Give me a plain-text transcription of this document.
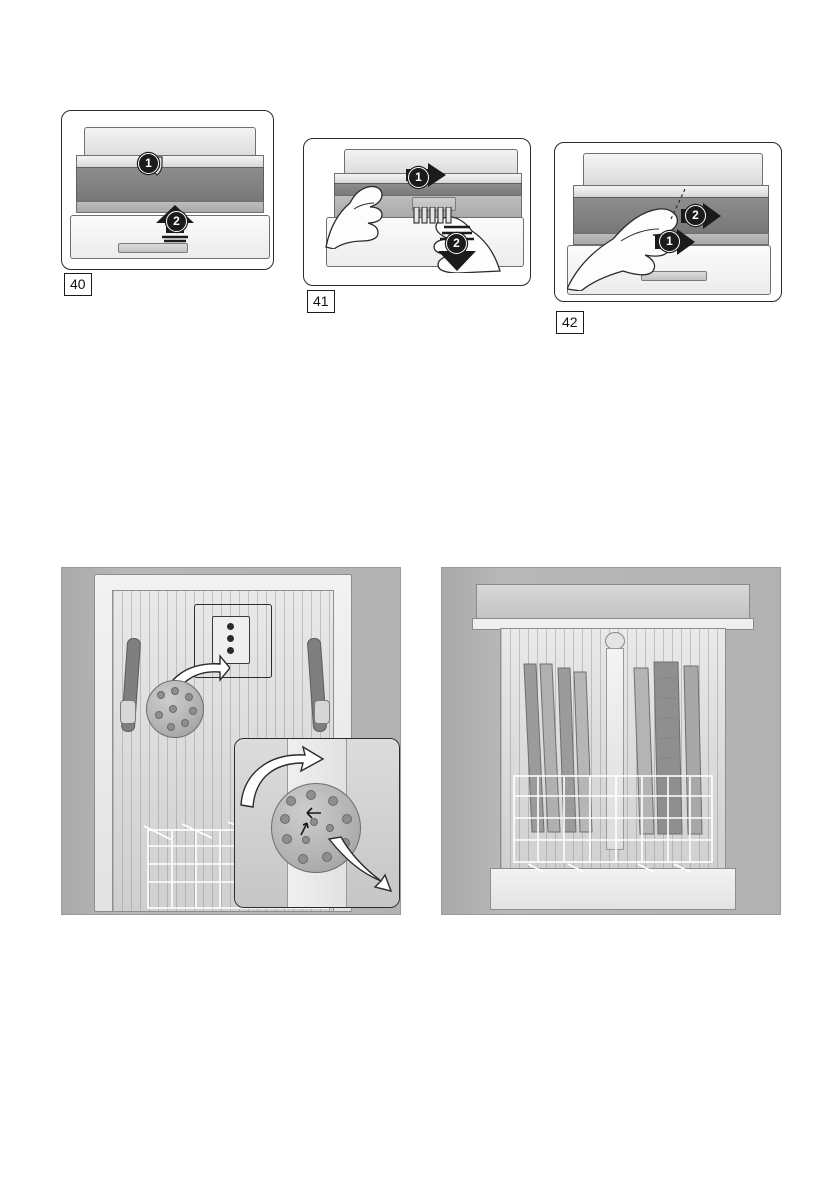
1
2
40
1
2
41
2
1
42
